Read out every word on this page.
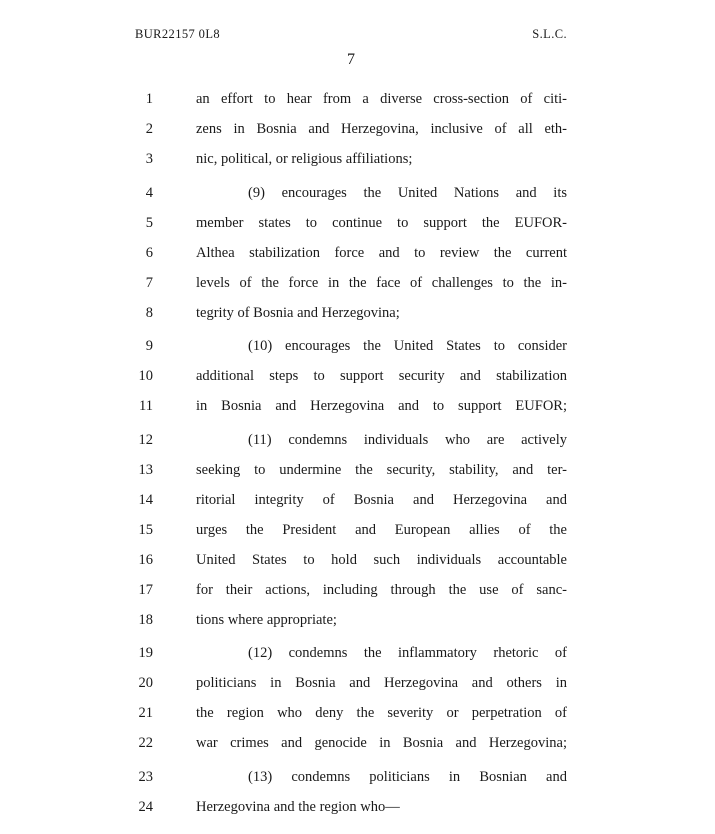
BUR22157 0L8	S.L.C.
7
1	an effort to hear from a diverse cross-section of citi-
2	zens in Bosnia and Herzegovina, inclusive of all eth-
3	nic, political, or religious affiliations;
4	(9) encourages the United Nations and its
5	member states to continue to support the EUFOR-
6	Althea stabilization force and to review the current
7	levels of the force in the face of challenges to the in-
8	tegrity of Bosnia and Herzegovina;
9	(10) encourages the United States to consider
10	additional steps to support security and stabilization
11	in Bosnia and Herzegovina and to support EUFOR;
12	(11) condemns individuals who are actively
13	seeking to undermine the security, stability, and ter-
14	ritorial integrity of Bosnia and Herzegovina and
15	urges the President and European allies of the
16	United States to hold such individuals accountable
17	for their actions, including through the use of sanc-
18	tions where appropriate;
19	(12) condemns the inflammatory rhetoric of
20	politicians in Bosnia and Herzegovina and others in
21	the region who deny the severity or perpetration of
22	war crimes and genocide in Bosnia and Herzegovina;
23	(13) condemns politicians in Bosnian and
24	Herzegovina and the region who—
